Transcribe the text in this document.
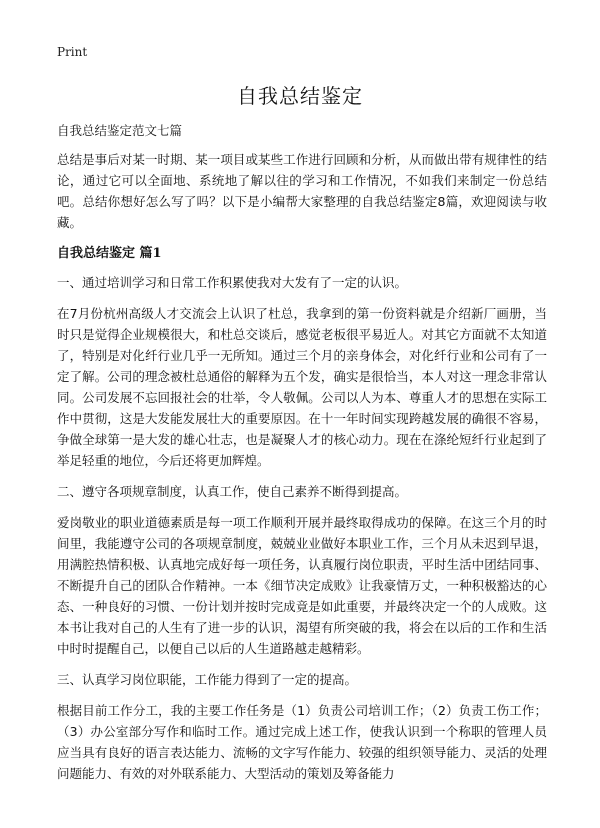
Print
自我总结鉴定

自我总结鉴定范文七篇

总结是事后对某一时期、某一项目或某些工作进行回顾和分析，从而做出带有规律性的结论，通过它可以全面地、系统地了解以往的学习和工作情况，不如我们来制定一份总结吧。总结你想好怎么写了吗？以下是小编帮大家整理的自我总结鉴定8篇，欢迎阅读与收藏。

自我总结鉴定 篇1

一、通过培训学习和日常工作积累使我对大发有了一定的认识。

在7月份杭州高级人才交流会上认识了杜总，我拿到的第一份资料就是介绍新厂画册，当时只是觉得企业规模很大，和杜总交谈后，感觉老板很平易近人。对其它方面就不太知道了，特别是对化纤行业几乎一无所知。通过三个月的亲身体会，对化纤行业和公司有了一定了解。公司的理念被杜总通俗的解释为五个发，确实是很恰当，本人对这一理念非常认同。公司发展不忘回报社会的壮举，令人敬佩。公司以人为本、尊重人才的思想在实际工作中贯彻，这是大发能发展壮大的重要原因。在十一年时间实现跨越发展的确很不容易，争做全球第一是大发的雄心壮志，也是凝聚人才的核心动力。现在在涤纶短纤行业起到了举足轻重的地位，今后还将更加辉煌。

二、遵守各项规章制度，认真工作，使自己素养不断得到提高。

爱岗敬业的职业道德素质是每一项工作顺利开展并最终取得成功的保障。在这三个月的时间里，我能遵守公司的各项规章制度，兢兢业业做好本职业工作，三个月从未迟到早退，用满腔热情积极、认真地完成好每一项任务，认真履行岗位职责，平时生活中团结同事、不断提升自己的团队合作精神。一本《细节决定成败》让我豪情万丈，一种积极豁达的心态、一种良好的习惯、一份计划并按时完成竟是如此重要，并最终决定一个的人成败。这本书让我对自己的人生有了进一步的认识，渴望有所突破的我，将会在以后的工作和生活中时时提醒自己，以便自己以后的人生道路越走越精彩。

三、认真学习岗位职能，工作能力得到了一定的提高。

根据目前工作分工，我的主要工作任务是（1）负责公司培训工作；（2）负责工伤工作；（3）办公室部分写作和临时工作。通过完成上述工作，使我认识到一个称职的管理人员应当具有良好的语言表达能力、流畅的文字写作能力、较强的组织领导能力、灵活的处理问题能力、有效的对外联系能力、大型活动的策划及筹备能力
